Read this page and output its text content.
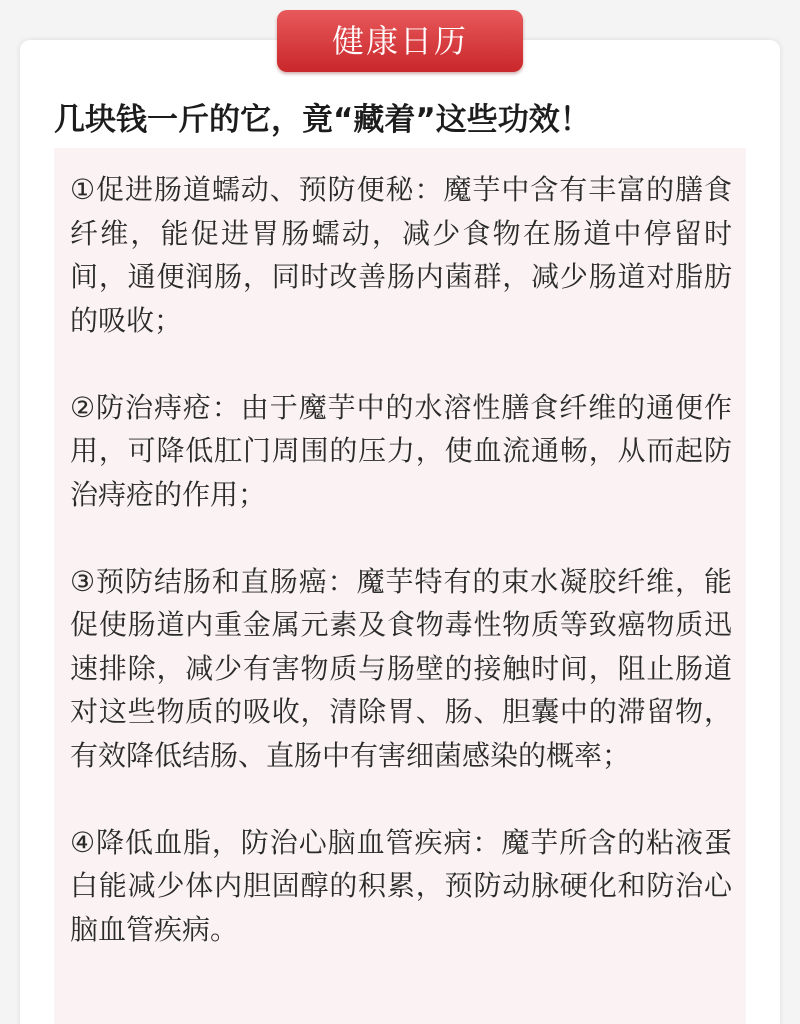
健康日历
几块钱一斤的它，竟“藏着”这些功效！

①促进肠道蠕动、预防便秘：魔芋中含有丰富的膳食纤维，能促进胃肠蠕动，减少食物在肠道中停留时间，通便润肠，同时改善肠内菌群，减少肠道对脂肪的吸收；

②防治痔疮：由于魔芋中的水溶性膳食纤维的通便作用，可降低肛门周围的压力，使血流通畅，从而起防治痔疮的作用；

③预防结肠和直肠癌：魔芋特有的束水凝胶纤维，能促使肠道内重金属元素及食物毒性物质等致癌物质迅速排除，减少有害物质与肠壁的接触时间，阻止肠道对这些物质的吸收，清除胃、肠、胆囊中的滞留物，有效降低结肠、直肠中有害细菌感染的概率；

④降低血脂，防治心脑血管疾病：魔芋所含的粘液蛋白能减少体内胆固醇的积累，预防动脉硬化和防治心脑血管疾病。
